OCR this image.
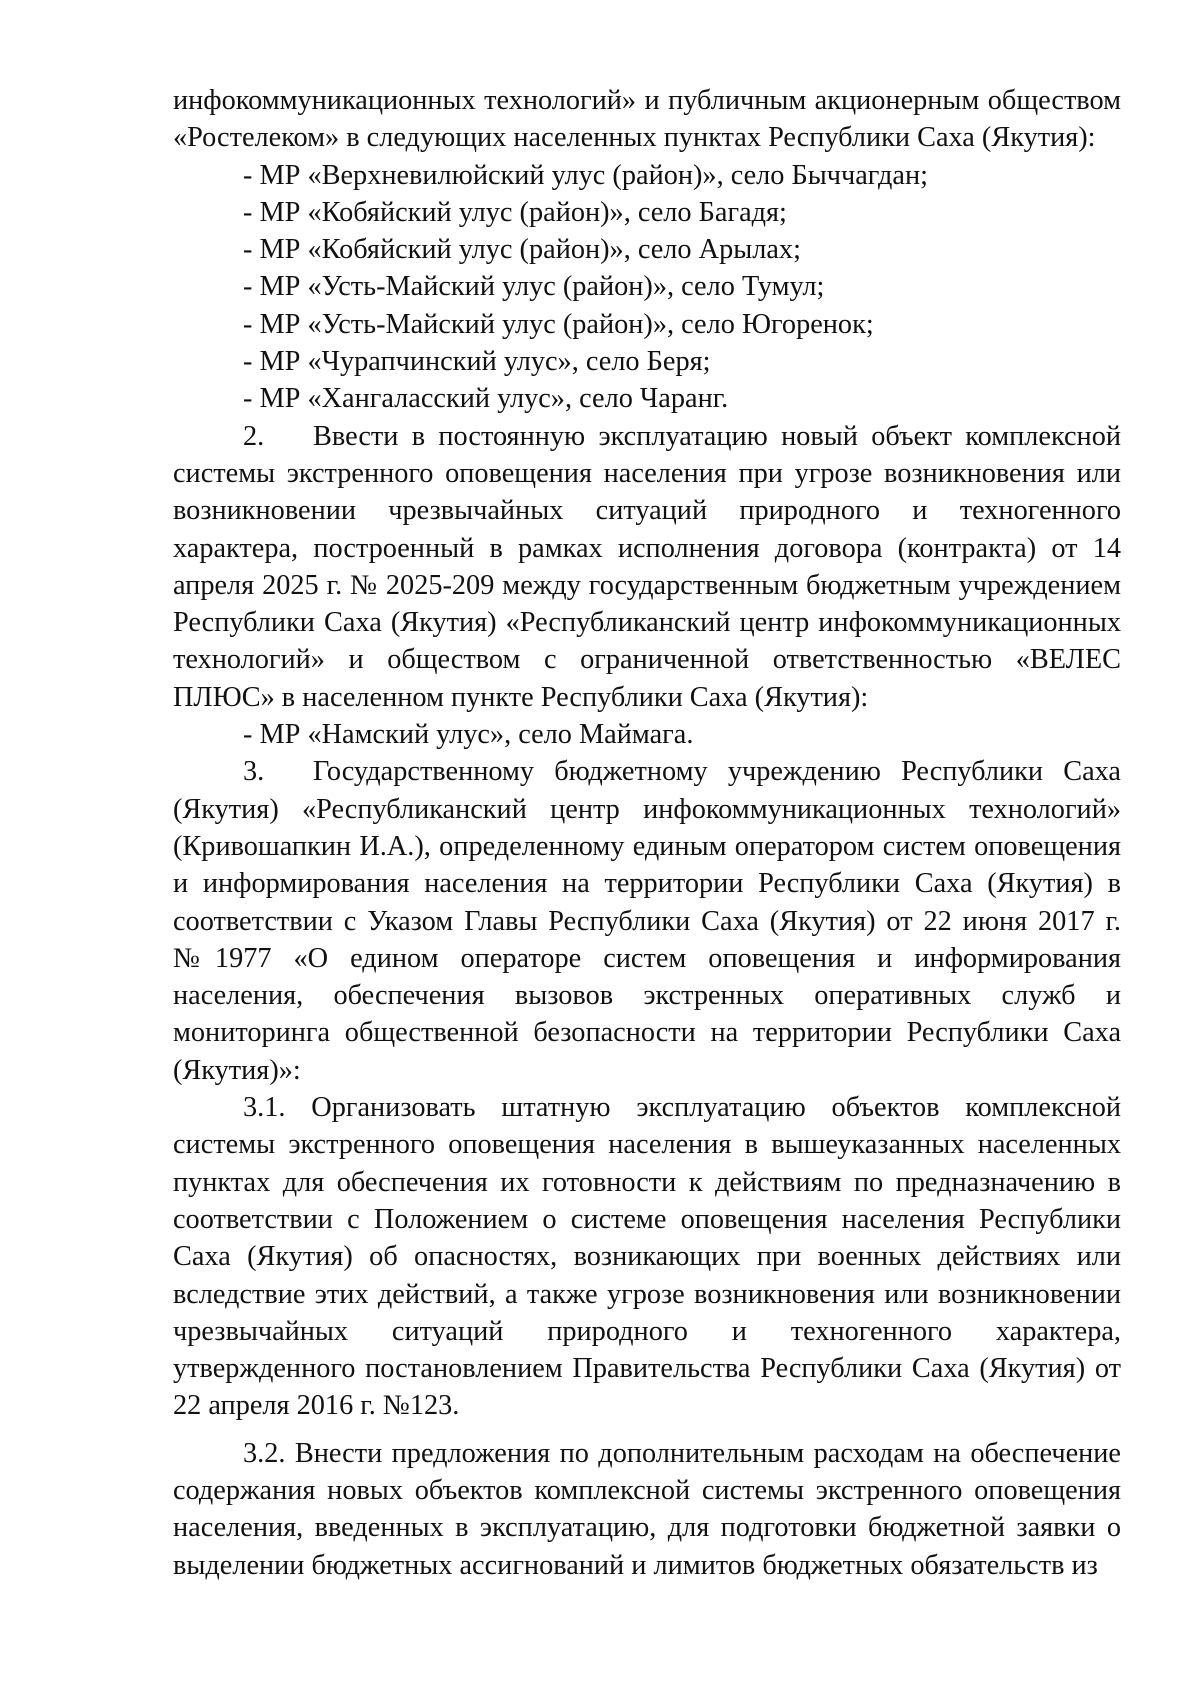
инфокоммуникационных технологий» и публичным акционерным обществом «Ростелеком» в следующих населенных пунктах Республики Саха (Якутия):

- МР «Верхневилюйский улус (район)», село Быччагдан;
- МР «Кобяйский улус (район)», село Багадя;
- МР «Кобяйский улус (район)», село Арылах;
- МР «Усть-Майский улус (район)», село Тумул;
- МР «Усть-Майский улус (район)», село Югоренок;
- МР «Чурапчинский улус», село Беря;
- МР «Хангаласский улус», село Чаранг.

2. Ввести в постоянную эксплуатацию новый объект комплексной системы экстренного оповещения населения при угрозе возникновения или возникновении чрезвычайных ситуаций природного и техногенного характера, построенный в рамках исполнения договора (контракта) от 14 апреля 2025 г. № 2025-209 между государственным бюджетным учреждением Республики Саха (Якутия) «Республиканский центр инфокоммуникационных технологий» и обществом с ограниченной ответственностью «ВЕЛЕС ПЛЮС» в населенном пункте Республики Саха (Якутия):

- МР «Намский улус», село Маймага.

3. Государственному бюджетному учреждению Республики Саха (Якутия) «Республиканский центр инфокоммуникационных технологий» (Кривошапкин И.А.), определенному единым оператором систем оповещения и информирования населения на территории Республики Саха (Якутия) в соответствии с Указом Главы Республики Саха (Якутия) от 22 июня 2017 г. №1977 «О едином операторе систем оповещения и информирования населения, обеспечения вызовов экстренных оперативных служб и мониторинга общественной безопасности на территории Республики Саха (Якутия)»:

3.1. Организовать штатную эксплуатацию объектов комплексной системы экстренного оповещения населения в вышеуказанных населенных пунктах для обеспечения их готовности к действиям по предназначению в соответствии с Положением о системе оповещения населения Республики Саха (Якутия) об опасностях, возникающих при военных действиях или вследствие этих действий, а также угрозе возникновения или возникновении чрезвычайных ситуаций природного и техногенного характера, утвержденного постановлением Правительства Республики Саха (Якутия) от 22 апреля 2016 г. №123.

3.2. Внести предложения по дополнительным расходам на обеспечение содержания новых объектов комплексной системы экстренного оповещения населения, введенных в эксплуатацию, для подготовки бюджетной заявки о выделении бюджетных ассигнований и лимитов бюджетных обязательств из
